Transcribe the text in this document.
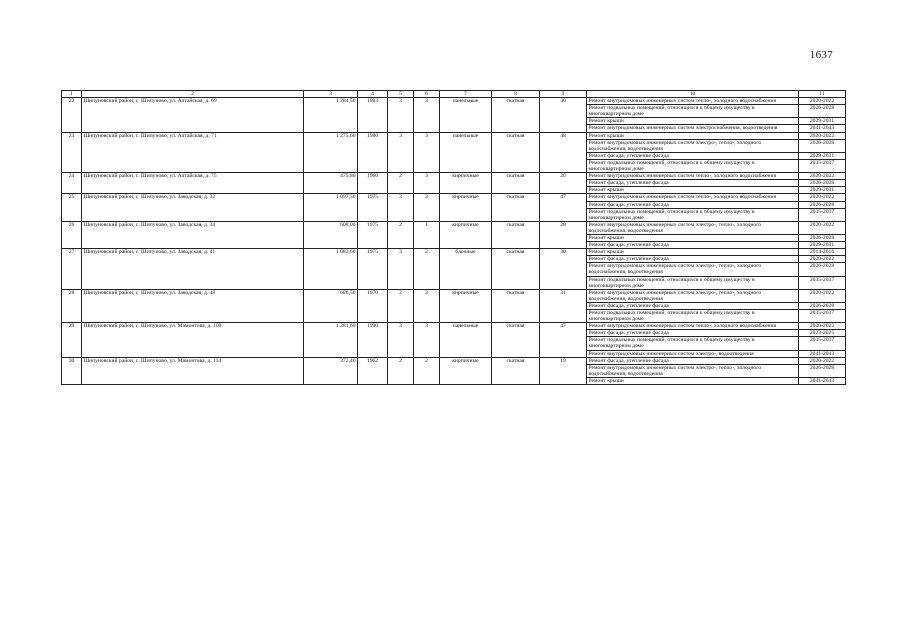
1637
1	2	3	4	5	6	7	8	9	10	11
22	Шипуновский район, с. Шипуново, ул. Алтайская, д. 69	1 284,50	1983	3	3	панельные	скатная	40	Ремонт внутридомовых инженерных систем тепло-, холодного водоснабжения	2020-2022
									Ремонт подвальных помещений, относящихся к общему имуществу в многоквартирном доме	2026-2028
									Ремонт крыши	2029-2031
									Ремонт внутридомовых инженерных систем электроснабжения, водоотведения	2041-2043
23	Шипуновский район, с. Шипуново, ул. Алтайская, д. 71	1 275,60	1986	3	3	панельные	скатная	48	Ремонт крыши	2020-2022
									Ремонт внутридомовых инженерных систем электро-, тепло-, холодного водоснабжения, водоотведения	2026-2028
									Ремонт фасада, утепление фасада	2029-2031
									Ремонт подвальных помещений, относящихся к общему имуществу в многоквартирном доме	2035-2037
24	Шипуновский район, с. Шипуново, ул. Алтайская, д. 75	475,80	1966	2	3	кирпичные	скатная	20	Ремонт внутридомовых инженерных систем тепло-, холодного водоснабжения	2020-2022
									Ремонт фасада, утепление фасада	2026-2028
									Ремонт крыши	2029-2031
25	Шипуновский район, с. Шипуново, ул. Заводская, д. 32	1 097,50	1975	3	2	кирпичные	скатная	47	Ремонт внутридомовых инженерных систем тепло-, холодного водоснабжения	2020-2022
									Ремонт фасада, утепление фасада	2026-2028
									Ремонт подвальных помещений, относящихся к общему имуществу в многоквартирном доме	2035-2037
26	Шипуновский район, с. Шипуново, ул. Заводская, д. 34	608,00	1975	2	1	кирпичные	скатная	28	Ремонт внутридомовых инженерных систем электро-, тепло-, холодного водоснабжения, водоотведения	2020-2022
									Ремонт крыши	2026-2028
									Ремонт фасада, утепление фасада	2029-2031
27	Шипуновский район, с. Шипуново, ул. Заводская, д. 41	1 083,60	1975	3	2	блочные	скатная	30	Ремонт крыши	2014-2016
									Ремонт фасада, утепление фасада	2020-2022
									Ремонт внутридомовых инженерных систем электро-, тепло-, холодного водоснабжения, водоотведения	2026-2028
									Ремонт подвальных помещений, относящихся к общему имуществу в многоквартирном доме	2035-2037
28	Шипуновский район, с. Шипуново, ул. Заводская, д. 48	686,50	1970	2	2	кирпичные	скатная	31	Ремонт внутридомовых инженерных систем электро-, тепло-, холодного водоснабжения, водоотведения	2020-2022
									Ремонт фасада, утепление фасада	2026-2028
									Ремонт подвальных помещений, относящихся к общему имуществу в многоквартирном доме	2035-2037
29	Шипуновский район, с. Шипуново, ул. Мамонтова, д. 109	1 281,60	1990	3	3	панельные	скатная	47	Ремонт внутридомовых инженерных систем тепло-, холодного водоснабжения	2020-2022
									Ремонт фасада, утепление фасада	2023-2025
									Ремонт подвальных помещений, относящихся к общему имуществу в многоквартирном доме	2035-2037
									Ремонт внутридомовых инженерных систем электро-, водоотведения	2041-2043
30	Шипуновский район, с. Шипуново, ул. Мамонтова, д. 114	372,40	1962	2	2	кирпичные	скатная	19	Ремонт фасада, утепление фасада	2020-2022
									Ремонт внутридомовых инженерных систем электро-, тепло-, холодного водоснабжения, водоотведения	2026-2028
									Ремонт крыши	2041-2043
